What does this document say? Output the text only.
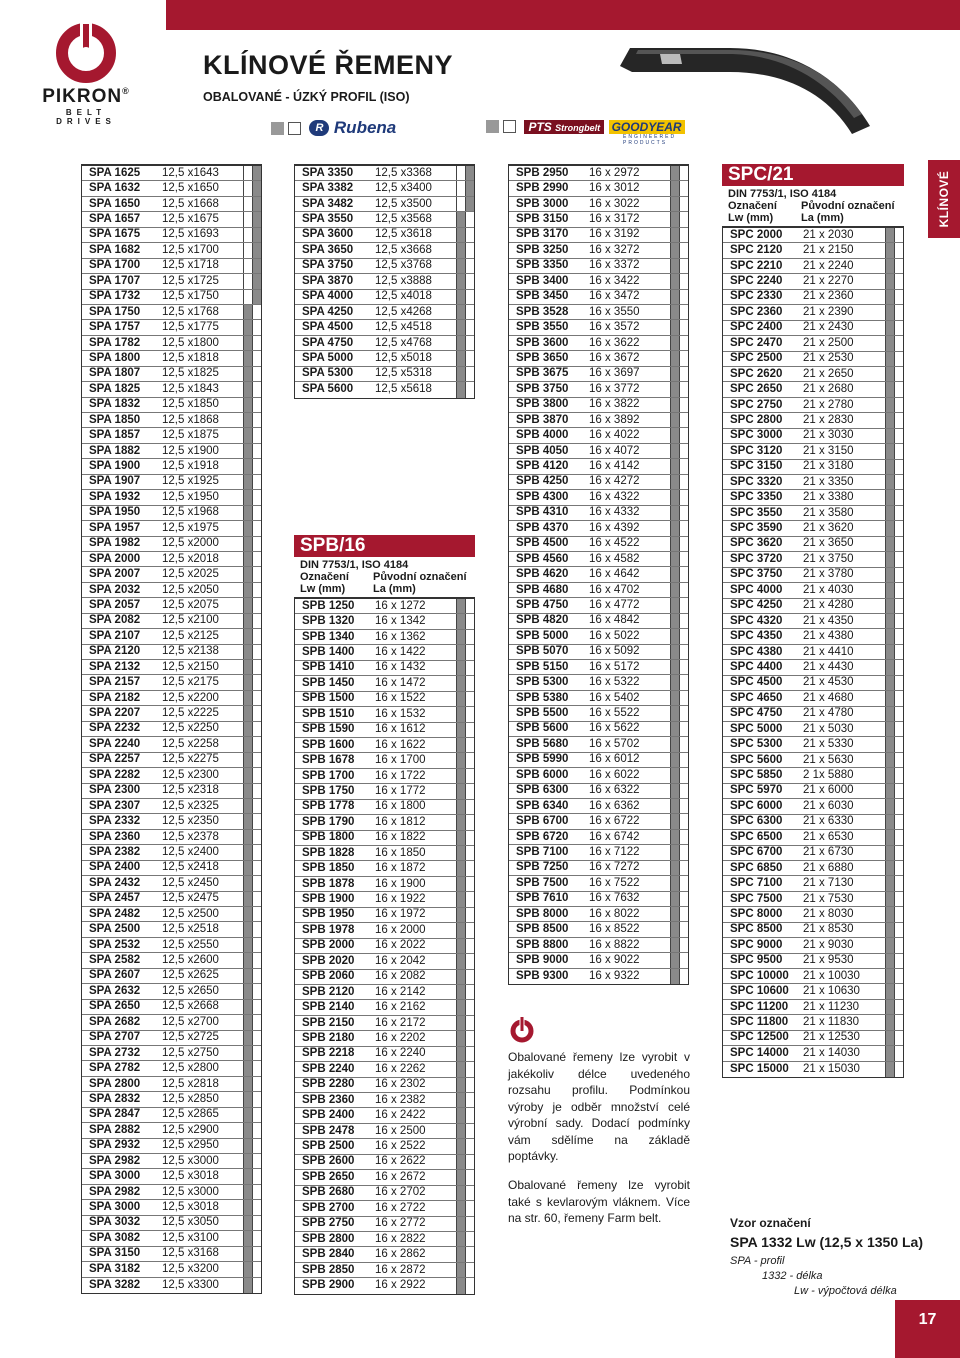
PIKRON®
BELT DRIVES
KLÍNOVÉ ŘEMENY
OBALOVANÉ - ÚZKÝ PROFIL (ISO)
R Rubena	PTS Strongbelt GOODYEAR
ENGINEERED PRODUCTS
SPA 1625	12,5 x1643
SPA 1632	12,5 x1650
SPA 1650	12,5 x1668
SPA 1657	12,5 x1675
SPA 1675	12,5 x1693
SPA 1682	12,5 x1700
SPA 1700	12,5 x1718
SPA 1707	12,5 x1725
SPA 1732	12,5 x1750
SPA 1750	12,5 x1768
SPA 1757	12,5 x1775
SPA 1782	12,5 x1800
SPA 1800	12,5 x1818
SPA 1807	12,5 x1825
SPA 1825	12,5 x1843
SPA 1832	12,5 x1850
SPA 1850	12,5 x1868
SPA 1857	12,5 x1875
SPA 1882	12,5 x1900
SPA 1900	12,5 x1918
SPA 1907	12,5 x1925
SPA 1932	12,5 x1950
SPA 1950	12,5 x1968
SPA 1957	12,5 x1975
SPA 1982	12,5 x2000
SPA 2000	12,5 x2018
SPA 2007	12,5 x2025
SPA 2032	12,5 x2050
SPA 2057	12,5 x2075
SPA 2082	12,5 x2100
SPA 2107	12,5 x2125
SPA 2120	12,5 x2138
SPA 2132	12,5 x2150
SPA 2157	12,5 x2175
SPA 2182	12,5 x2200
SPA 2207	12,5 x2225
SPA 2232	12,5 x2250
SPA 2240	12,5 x2258
SPA 2257	12,5 x2275
SPA 2282	12,5 x2300
SPA 2300	12,5 x2318
SPA 2307	12,5 x2325
SPA 2332	12,5 x2350
SPA 2360	12,5 x2378
SPA 2382	12,5 x2400
SPA 2400	12,5 x2418
SPA 2432	12,5 x2450
SPA 2457	12,5 x2475
SPA 2482	12,5 x2500
SPA 2500	12,5 x2518
SPA 2532	12,5 x2550
SPA 2582	12,5 x2600
SPA 2607	12,5 x2625
SPA 2632	12,5 x2650
SPA 2650	12,5 x2668
SPA 2682	12,5 x2700
SPA 2707	12,5 x2725
SPA 2732	12,5 x2750
SPA 2782	12,5 x2800
SPA 2800	12,5 x2818
SPA 2832	12,5 x2850
SPA 2847	12,5 x2865
SPA 2882	12,5 x2900
SPA 2932	12,5 x2950
SPA 2982	12,5 x3000
SPA 3000	12,5 x3018
SPA 2982	12,5 x3000
SPA 3000	12,5 x3018
SPA 3032	12,5 x3050
SPA 3082	12,5 x3100
SPA 3150	12,5 x3168
SPA 3182	12,5 x3200
SPA 3282	12,5 x3300
SPA 3350	12,5 x3368
SPA 3382	12,5 x3400
SPA 3482	12,5 x3500
SPA 3550	12,5 x3568
SPA 3600	12,5 x3618
SPA 3650	12,5 x3668
SPA 3750	12,5 x3768
SPA 3870	12,5 x3888
SPA 4000	12,5 x4018
SPA 4250	12,5 x4268
SPA 4500	12,5 x4518
SPA 4750	12,5 x4768
SPA 5000	12,5 x5018
SPA 5300	12,5 x5318
SPA 5600	12,5 x5618
SPB/16
DIN 7753/1, ISO 4184
Označení	Původní označení
Lw (mm)	La (mm)
SPB 1250	16 x 1272
SPB 1320	16 x 1342
SPB 1340	16 x 1362
SPB 1400	16 x 1422
SPB 1410	16 x 1432
SPB 1450	16 x 1472
SPB 1500	16 x 1522
SPB 1510	16 x 1532
SPB 1590	16 x 1612
SPB 1600	16 x 1622
SPB 1678	16 x 1700
SPB 1700	16 x 1722
SPB 1750	16 x 1772
SPB 1778	16 x 1800
SPB 1790	16 x 1812
SPB 1800	16 x 1822
SPB 1828	16 x 1850
SPB 1850	16 x 1872
SPB 1878	16 x 1900
SPB 1900	16 x 1922
SPB 1950	16 x 1972
SPB 1978	16 x 2000
SPB 2000	16 x 2022
SPB 2020	16 x 2042
SPB 2060	16 x 2082
SPB 2120	16 x 2142
SPB 2140	16 x 2162
SPB 2150	16 x 2172
SPB 2180	16 x 2202
SPB 2218	16 x 2240
SPB 2240	16 x 2262
SPB 2280	16 x 2302
SPB 2360	16 x 2382
SPB 2400	16 x 2422
SPB 2478	16 x 2500
SPB 2500	16 x 2522
SPB 2600	16 x 2622
SPB 2650	16 x 2672
SPB 2680	16 x 2702
SPB 2700	16 x 2722
SPB 2750	16 x 2772
SPB 2800	16 x 2822
SPB 2840	16 x 2862
SPB 2850	16 x 2872
SPB 2900	16 x 2922
SPB 2950	16 x 2972
SPB 2990	16 x 3012
SPB 3000	16 x 3022
SPB 3150	16 x 3172
SPB 3170	16 x 3192
SPB 3250	16 x 3272
SPB 3350	16 x 3372
SPB 3400	16 x 3422
SPB 3450	16 x 3472
SPB 3528	16 x 3550
SPB 3550	16 x 3572
SPB 3600	16 x 3622
SPB 3650	16 x 3672
SPB 3675	16 x 3697
SPB 3750	16 x 3772
SPB 3800	16 x 3822
SPB 3870	16 x 3892
SPB 4000	16 x 4022
SPB 4050	16 x 4072
SPB 4120	16 x 4142
SPB 4250	16 x 4272
SPB 4300	16 x 4322
SPB 4310	16 x 4332
SPB 4370	16 x 4392
SPB 4500	16 x 4522
SPB 4560	16 x 4582
SPB 4620	16 x 4642
SPB 4680	16 x 4702
SPB 4750	16 x 4772
SPB 4820	16 x 4842
SPB 5000	16 x 5022
SPB 5070	16 x 5092
SPB 5150	16 x 5172
SPB 5300	16 x 5322
SPB 5380	16 x 5402
SPB 5500	16 x 5522
SPB 5600	16 x 5622
SPB 5680	16 x 5702
SPB 5990	16 x 6012
SPB 6000	16 x 6022
SPB 6300	16 x 6322
SPB 6340	16 x 6362
SPB 6700	16 x 6722
SPB 6720	16 x 6742
SPB 7100	16 x 7122
SPB 7250	16 x 7272
SPB 7500	16 x 7522
SPB 7610	16 x 7632
SPB 8000	16 x 8022
SPB 8500	16 x 8522
SPB 8800	16 x 8822
SPB 9000	16 x 9022
SPB 9300	16 x 9322
SPC/21
DIN 7753/1, ISO 4184
Označení	Původní označení
Lw (mm)	La (mm)
SPC 2000	21 x 2030
SPC 2120	21 x 2150
SPC 2210	21 x 2240
SPC 2240	21 x 2270
SPC 2330	21 x 2360
SPC 2360	21 x 2390
SPC 2400	21 x 2430
SPC 2470	21 x 2500
SPC 2500	21 x 2530
SPC 2620	21 x 2650
SPC 2650	21 x 2680
SPC 2750	21 x 2780
SPC 2800	21 x 2830
SPC 3000	21 x 3030
SPC 3120	21 x 3150
SPC 3150	21 x 3180
SPC 3320	21 x 3350
SPC 3350	21 x 3380
SPC 3550	21 x 3580
SPC 3590	21 x 3620
SPC 3620	21 x 3650
SPC 3720	21 x 3750
SPC 3750	21 x 3780
SPC 4000	21 x 4030
SPC 4250	21 x 4280
SPC 4320	21 x 4350
SPC 4350	21 x 4380
SPC 4380	21 x 4410
SPC 4400	21 x 4430
SPC 4500	21 x 4530
SPC 4650	21 x 4680
SPC 4750	21 x 4780
SPC 5000	21 x 5030
SPC 5300	21 x 5330
SPC 5600	21 x 5630
SPC 5850	2 1x 5880
SPC 5970	21 x 6000
SPC 6000	21 x 6030
SPC 6300	21 x 6330
SPC 6500	21 x 6530
SPC 6700	21 x 6730
SPC 6850	21 x 6880
SPC 7100	21 x 7130
SPC 7500	21 x 7530
SPC 8000	21 x 8030
SPC 8500	21 x 8530
SPC 9000	21 x 9030
SPC 9500	21 x 9530
SPC 10000	21 x 10030
SPC 10600	21 x 10630
SPC 11200	21 x 11230
SPC 11800	21 x 11830
SPC 12500	21 x 12530
SPC 14000	21 x 14030
SPC 15000	21 x 15030
KLÍNOVÉ
Obalované řemeny lze vyrobit v jakékoliv délce uvedeného rozsahu profilu. Podmínkou výroby je odběr množství celé výrobní sady. Dodací podmínky vám sdělíme na základě poptávky.
Obalované řemeny lze vyrobit také s kevlarovým vláknem. Více na str. 60, řemeny Farm belt.	Vzor označení
SPA 1332 Lw (12,5 x 1350 La)
SPA - profil
1332 - délka
Lw - výpočtová délka
17
